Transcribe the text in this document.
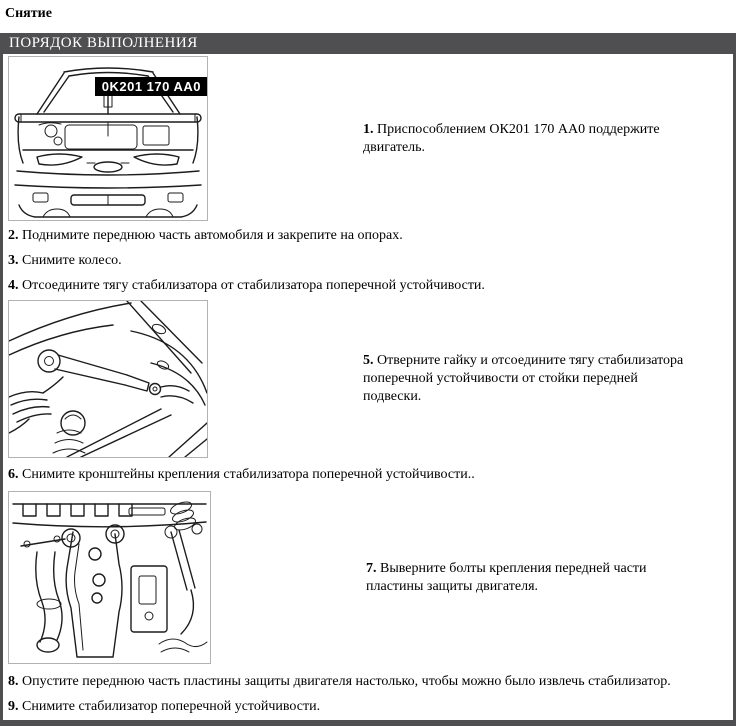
Снятие
ПОРЯДОК ВЫПОЛНЕНИЯ
0K201 170 AA0
1. Приспособлением ОК201 170 АА0 поддержите двигатель.
2. Поднимите переднюю часть автомобиля и закрепите на опорах.
3. Снимите колесо.
4. Отсоедините тягу стабилизатора от стабилизатора поперечной устойчивости.
5. Отверните гайку и отсоедините тягу стабилизатора поперечной устойчивости от стойки передней подвески.
6. Снимите кронштейны крепления стабилизатора поперечной устойчивости..
7. Выверните болты крепления передней части пластины защиты двигателя.
8. Опустите переднюю часть пластины защиты двигателя настолько, чтобы можно было извлечь стабилизатор.
9. Снимите стабилизатор поперечной устойчивости.
